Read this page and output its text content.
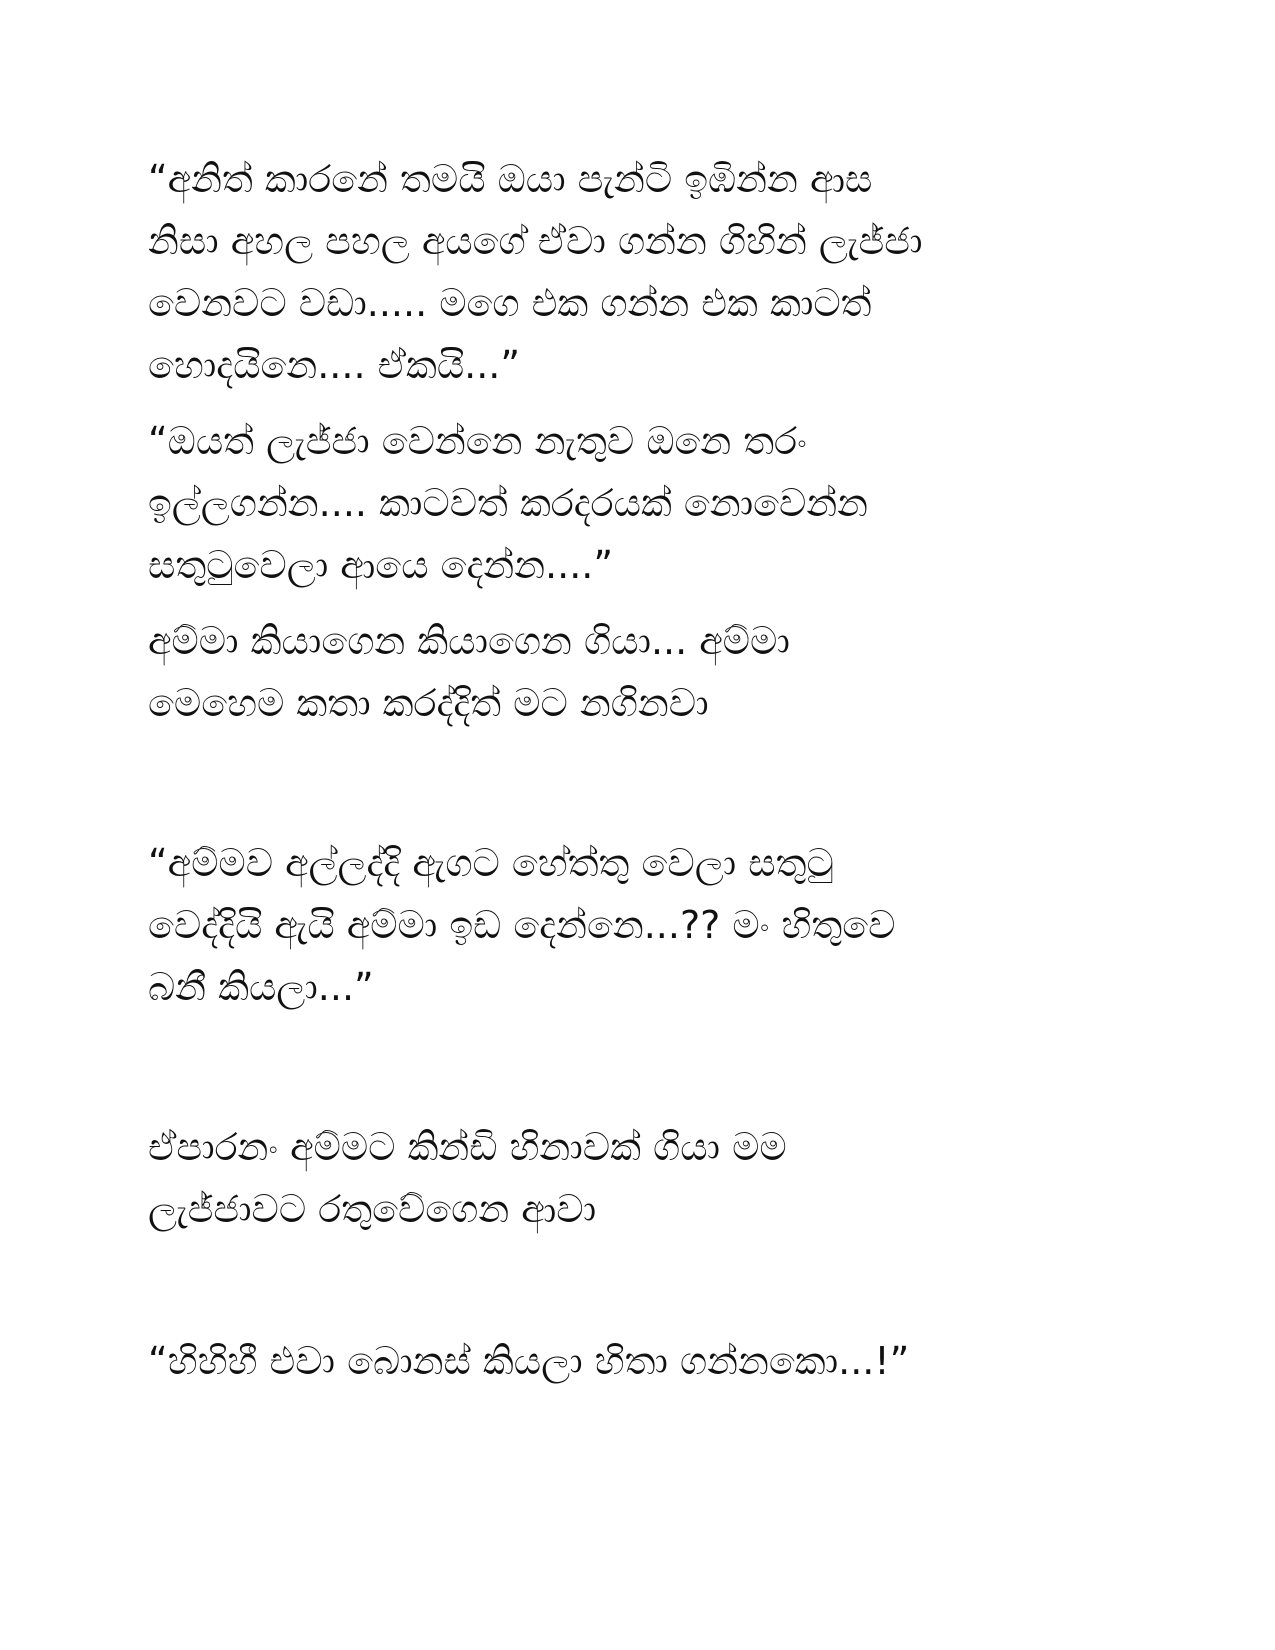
“අනිත් කාරනේ තමයි ඔයා පැන්ටි ඉඹින්න ආස
නිසා අහල පහල අයගේ ඒවා ගන්න ගිහින් ලැජ්ජා
වෙනවට වඩා..... මගෙ එක ගන්න එක කාටත්
හොදයිනෙ.... ඒකයි...”

“ඔයත් ලැජ්ජා වෙන්නෙ නැතුව ඔනෙ තරං
ඉල්ලගන්න.... කාටවත් කරදරයක් නොවෙන්න
සතුටුවෙලා ආයෙ දෙන්න....”

අම්මා කියාගෙන කියාගෙන ගියා... අම්මා
මෙහෙම කතා කරද්දිත් මට නගිනවා

“අම්මව අල්ලද්දි ඇගට හේත්තු වෙලා සතුටු
වෙද්දියි ඇයි අම්මා ඉඩ දෙන්නෙ...?? මං හිතුවෙ
බනී කියලා...”

ඒපාරනං අම්මට කින්ඩි හිනාවක් ගියා මම
ලැජ්ජාවට රතුවේගෙන ආවා

“හිහිහී එවා බොනස් කියලා හිතා ගන්නකො...!”
